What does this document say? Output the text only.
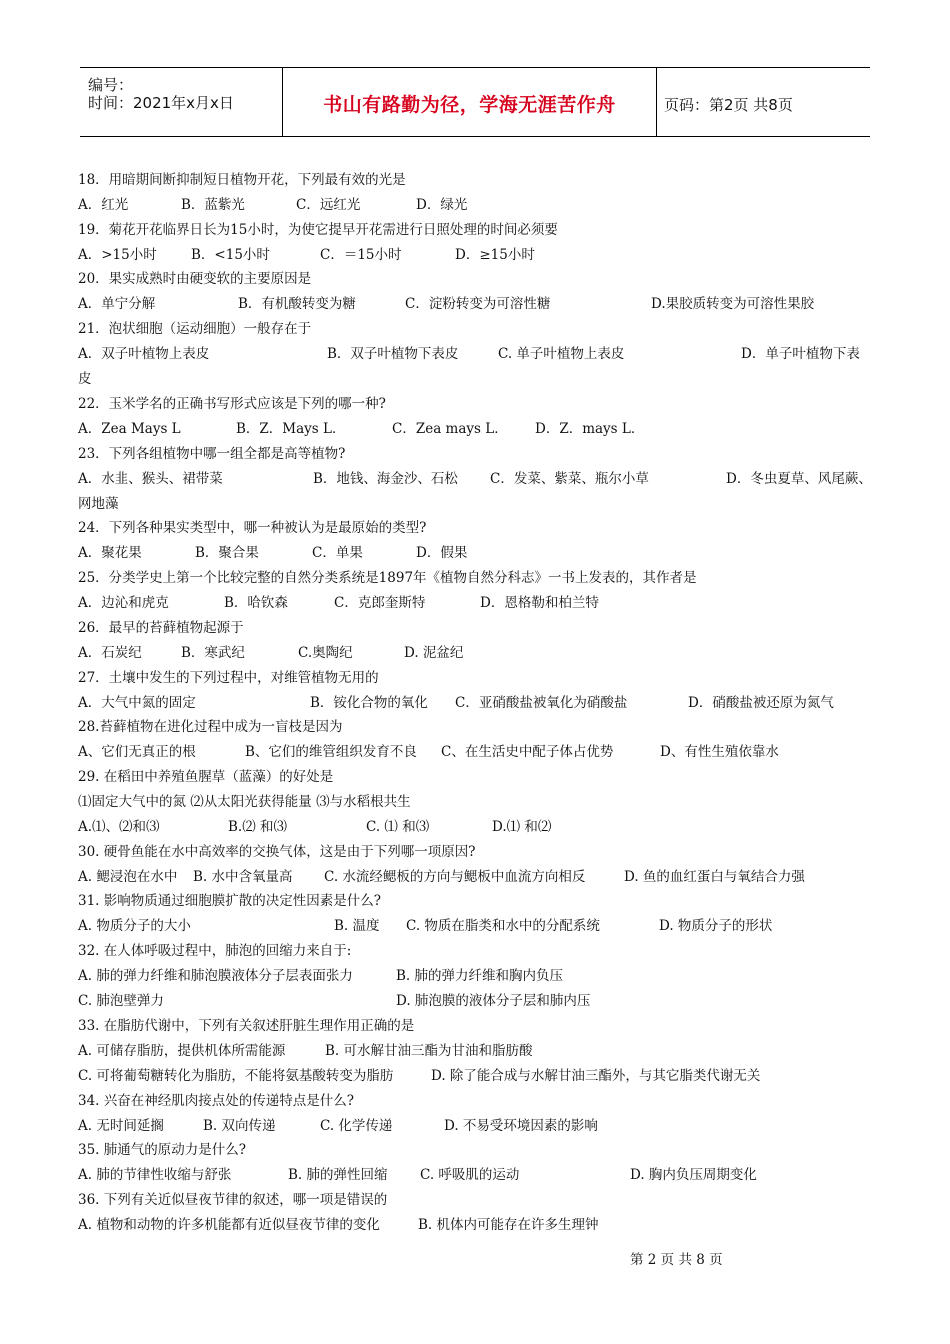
编号：
时间：2021年x月x日	书山有路勤为径，学海无涯苦作舟	页码：第2页 共8页
18．用暗期间断抑制短日植物开花，下列最有效的光是
A．红光	B．蓝紫光	C．远红光	D．绿光
19．菊花开花临界日长为15小时，为使它提早开花需进行日照处理的时间必须要
A．>15小时	B．<15小时	C．＝15小时	D．≥15小时
20．果实成熟时由硬变软的主要原因是
A．单宁分解	B．有机酸转变为糖	C．淀粉转变为可溶性糖	D.果胶质转变为可溶性果胶
21．泡状细胞（运动细胞）一般存在于
A．双子叶植物上表皮	B．双子叶植物下表皮	C. 单子叶植物上表皮	D．单子叶植物下表
皮
22．玉米学名的正确书写形式应该是下列的哪一种?
A．Zea Mays L	B．Z．Mays L．	C．Zea mays L． D．Z．mays L．
23．下列各组植物中哪一组全都是高等植物?
A．水韭、猴头、裙带菜	B．地钱、海金沙、石松 C．发菜、紫菜、瓶尔小草	D．冬虫夏草、风尾蕨、
网地藻
24．下列各种果实类型中，哪一种被认为是最原始的类型?
A．聚花果	B．聚合果	C．单果	D．假果
25．分类学史上第一个比较完整的自然分类系统是1897年《植物自然分科志》一书上发表的，其作者是
A．边沁和虎克	B．哈钦森	C．克郎奎斯特	D．恩格勒和柏兰特
26．最早的苔藓植物起源于
A．石炭纪	B．寒武纪	C.奥陶纪	D. 泥盆纪
27．土壤中发生的下列过程中，对维管植物无用的
A．大气中氮的固定	B．铵化合物的氧化 C．亚硝酸盐被氧化为硝酸盐	D．硝酸盐被还原为氮气
28.苔藓植物在进化过程中成为一盲枝是因为
A、它们无真正的根	B、它们的维管组织发育不良 C、在生活史中配子体占优势	D、有性生殖依靠水
29. 在稻田中养殖鱼腥草（蓝藻）的好处是
⑴固定大气中的氮 ⑵从太阳光获得能量 ⑶与水稻根共生
A.⑴、⑵和⑶	B.⑵ 和⑶	C. ⑴ 和⑶	D.⑴ 和⑵
30. 硬骨鱼能在水中高效率的交换气体，这是由于下列哪一项原因?
A. 鳃浸泡在水中 B. 水中含氧量高 C. 水流经鳃板的方向与鳃板中血流方向相反	D. 鱼的血红蛋白与氧结合力强
31. 影响物质通过细胞膜扩散的决定性因素是什么?
A. 物质分子的大小	B. 温度 C. 物质在脂类和水中的分配系统	D. 物质分子的形状
32. 在人体呼吸过程中，肺泡的回缩力来自于:
A. 肺的弹力纤维和肺泡膜液体分子层表面张力	B. 肺的弹力纤维和胸内负压
C. 肺泡壁弹力	D. 肺泡膜的液体分子层和肺内压
33. 在脂肪代谢中，下列有关叙述肝脏生理作用正确的是
A. 可储存脂肪，提供机体所需能源	B. 可水解甘油三酯为甘油和脂肪酸
C. 可将葡萄糖转化为脂肪，不能将氨基酸转变为脂肪	D. 除了能合成与水解甘油三酯外，与其它脂类代谢无关
34. 兴奋在神经肌肉接点处的传递特点是什么?
A. 无时间延搁	B. 双向传递	C. 化学传递	D. 不易受环境因素的影响
35. 肺通气的原动力是什么?
A. 肺的节律性收缩与舒张	B. 肺的弹性回缩 C. 呼吸肌的运动	D. 胸内负压周期变化
36. 下列有关近似昼夜节律的叙述，哪一项是错误的
A. 植物和动物的许多机能都有近似昼夜节律的变化	B. 机体内可能存在许多生理钟
第 2 页 共 8 页
